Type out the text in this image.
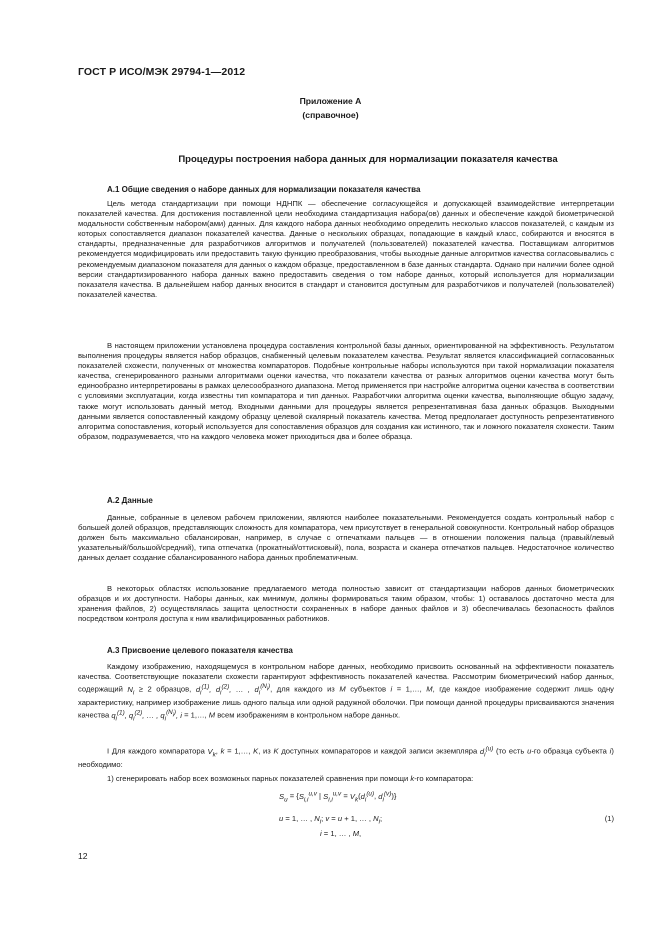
ГОСТ Р ИСО/МЭК 29794-1—2012
Приложение А
(справочное)
Процедуры построения набора данных для нормализации показателя качества
А.1 Общие сведения о наборе данных для нормализации показателя качества
Цель метода стандартизации при помощи НДНПК — обеспечение согласующейся и допускающей взаимодействие интерпретации показателей качества. Для достижения поставленной цели необходима стандартизация набора(ов) данных и обеспечение каждой биометрической модальности собственным набором(ами) данных. Для каждого набора данных необходимо определить несколько классов показателей, с каждым из которых сопоставляется диапазон показателей качества. Данные о нескольких образцах, попадающие в каждый класс, собираются и вносятся в стандарты, предназначенные для разработчиков алгоритмов и получателей (пользователей) показателей качества. Поставщикам алгоритмов рекомендуется модифицировать или предоставить такую функцию преобразования, чтобы выходные данные алгоритмов качества согласовывались с рекомендуемым диапазоном показателя для данных о каждом образце, предоставленном в базе данных стандарта. Однако при наличии более одной версии стандартизированного набора данных важно предоставить сведения о том наборе данных, который используется для нормализации показателя качества. В дальнейшем набор данных вносится в стандарт и становится доступным для разработчиков и получателей (пользователей) показателей качества.
В настоящем приложении установлена процедура составления контрольной базы данных, ориентированной на эффективность. Результатом выполнения процедуры является набор образцов, снабженный целевым показателем качества. Результат является классификацией согласованных показателей схожести, полученных от множества компараторов. Подобные контрольные наборы используются при такой нормализации показателя качества, сгенерированного разными алгоритмами оценки качества, что показатели качества от разных алгоритмов оценки качества могут быть единообразно интерпретированы в рамках целесообразного диапазона. Метод применяется при настройке алгоритма оценки качества в соответствии с условиями эксплуатации, когда известны тип компаратора и тип данных. Разработчики алгоритма оценки качества, выполняющие общую задачу, также могут использовать данный метод. Входными данными для процедуры является репрезентативная база данных образцов. Выходными данными является сопоставленный каждому образцу целевой скалярный показатель качества. Метод предполагает доступность репрезентативного алгоритма сопоставления, который используется для сопоставления образцов для создания как истинного, так и ложного показателя схожести. Таким образом, подразумевается, что на каждого человека может приходиться два и более образца.
А.2 Данные
Данные, собранные в целевом рабочем приложении, являются наиболее показательными. Рекомендуется создать контрольный набор с большей долей образцов, представляющих сложность для компаратора, чем присутствует в генеральной совокупности. Контрольный набор образцов должен быть максимально сбалансирован, например, в случае с отпечатками пальцев — в отношении положения пальца (правый/левый указательный/большой/средний), типа отпечатка (прокатный/оттисковый), пола, возраста и сканера отпечатков пальцев. Недостаточное количество данных делает создание сбалансированного набора данных проблематичным.
В некоторых областях использование предлагаемого метода полностью зависит от стандартизации наборов данных биометрических образцов и их доступности. Наборы данных, как минимум, должны формироваться таким образом, чтобы: 1) оставалось достаточно места для хранения файлов, 2) осуществлялась защита целостности сохраненных в наборе данных файлов и 3) обеспечивалась безопасность файлов посредством контроля доступа к ним квалифицированных работников.
А.3 Присвоение целевого показателя качества
Каждому изображению, находящемуся в контрольном наборе данных, необходимо присвоить основанный на эффективности показатель качества. Соответствующие показатели схожести гарантируют эффективность показателей качества. Рассмотрим биометрический набор данных, содержащий $N_i \ge 2$ образцов, $d_i^{(1)}$, $d_i^{(2)}$, … , $d_i^{(N_i)}$, для каждого из M субъектов i = 1,…, M, где каждое изображение содержит лишь одну характеристику, например изображение лишь одного пальца или одной радужной оболочки. При помощи данной процедуры присваиваются значения качества $q_i^{(1)}$, $q_i^{(2)}$, … , $q_i^{(N_i)}$, i = 1,…, M всем изображениям в контрольном наборе данных.
I Для каждого компаратора $V_k$, k = 1,…, K, из K доступных компараторов и каждой записи экземпляра $d_i^{(u)}$ (то есть u-го образца субъекта i) необходимо:
1) сгенерировать набор всех возможных парных показателей сравнения при помощи k-го компаратора:
$S_u = \{S_{i,i}^{u,v}$ | $S_{i,i}^{u,v} = V_k(d_i^{(u)}$, $d_i^{(v)}$)}
u = 1, … , $N_i$; v = u + 1, … , $N_i$;	(1)
i = 1, … , M,
12
